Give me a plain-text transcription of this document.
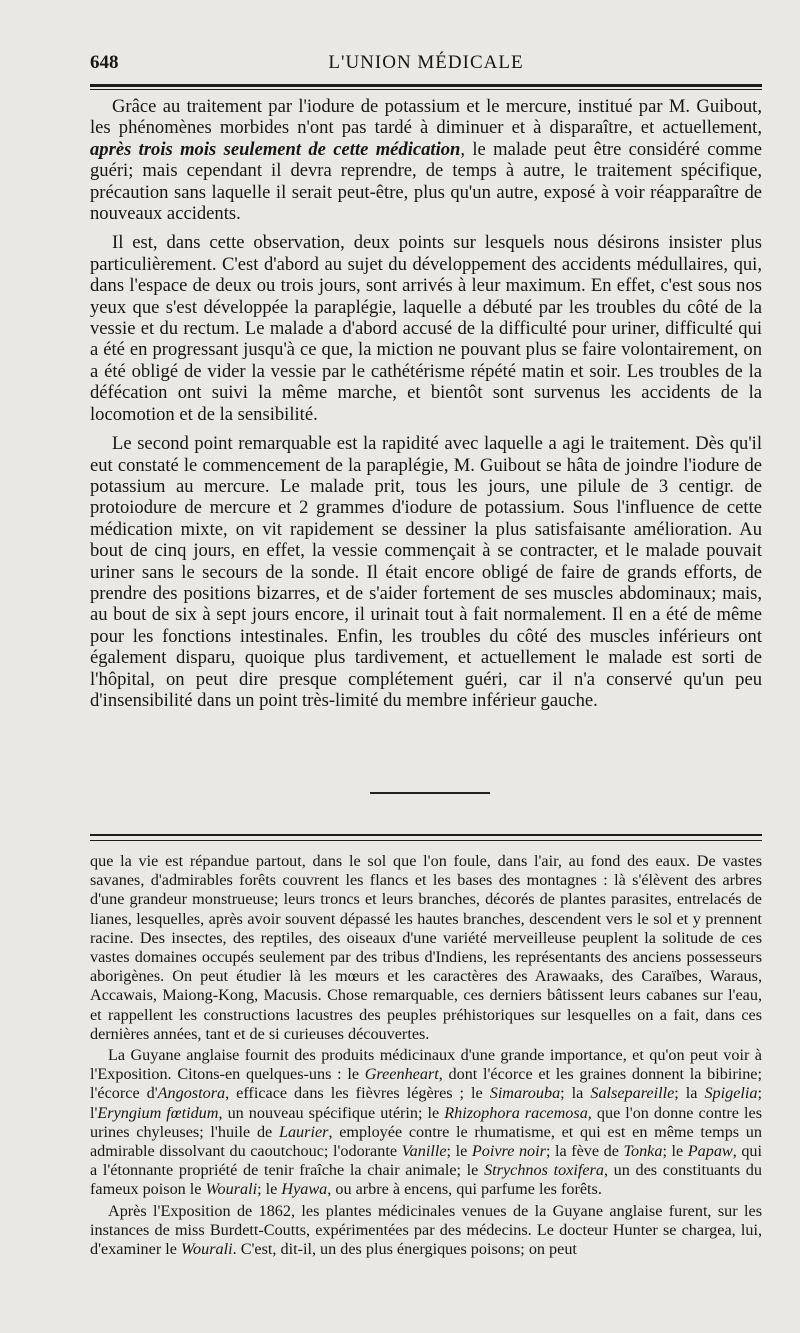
648	L'UNION MÉDICALE

Grâce au traitement par l'iodure de potassium et le mercure, institué par M. Guibout, les phénomènes morbides n'ont pas tardé à diminuer et à disparaître, et actuellement, après trois mois seulement de cette médication, le malade peut être considéré comme guéri; mais cependant il devra reprendre, de temps à autre, le traitement spécifique, précaution sans laquelle il serait peut-être, plus qu'un autre, exposé à voir réapparaître de nouveaux accidents.

Il est, dans cette observation, deux points sur lesquels nous désirons insister plus particulièrement. C'est d'abord au sujet du développement des accidents médullaires, qui, dans l'espace de deux ou trois jours, sont arrivés à leur maximum. En effet, c'est sous nos yeux que s'est développée la paraplégie, laquelle a débuté par les troubles du côté de la vessie et du rectum. Le malade a d'abord accusé de la difficulté pour uriner, difficulté qui a été en progressant jusqu'à ce que, la miction ne pouvant plus se faire volontairement, on a été obligé de vider la vessie par le cathétérisme répété matin et soir. Les troubles de la défécation ont suivi la même marche, et bientôt sont survenus les accidents de la locomotion et de la sensibilité.

Le second point remarquable est la rapidité avec laquelle a agi le traitement. Dès qu'il eut constaté le commencement de la paraplégie, M. Guibout se hâta de joindre l'iodure de potassium au mercure. Le malade prit, tous les jours, une pilule de 3 centigr. de protoiodure de mercure et 2 grammes d'iodure de potassium. Sous l'influence de cette médication mixte, on vit rapidement se dessiner la plus satisfaisante amélioration. Au bout de cinq jours, en effet, la vessie commençait à se contracter, et le malade pouvait uriner sans le secours de la sonde. Il était encore obligé de faire de grands efforts, de prendre des positions bizarres, et de s'aider fortement de ses muscles abdominaux; mais, au bout de six à sept jours encore, il urinait tout à fait normalement. Il en a été de même pour les fonctions intestinales. Enfin, les troubles du côté des muscles inférieurs ont également disparu, quoique plus tardivement, et actuellement le malade est sorti de l'hôpital, on peut dire presque complétement guéri, car il n'a conservé qu'un peu d'insensibilité dans un point très-limité du membre inférieur gauche.

que la vie est répandue partout, dans le sol que l'on foule, dans l'air, au fond des eaux. De vastes savanes, d'admirables forêts couvrent les flancs et les bases des montagnes : là s'élèvent des arbres d'une grandeur monstrueuse; leurs troncs et leurs branches, décorés de plantes parasites, entrelacés de lianes, lesquelles, après avoir souvent dépassé les hautes branches, descendent vers le sol et y prennent racine. Des insectes, des reptiles, des oiseaux d'une variété merveilleuse peuplent la solitude de ces vastes domaines occupés seulement par des tribus d'Indiens, les représentants des anciens possesseurs aborigènes. On peut étudier là les mœurs et les caractères des Arawaaks, des Caraïbes, Waraus, Accawais, Maiong-Kong, Macusis. Chose remarquable, ces derniers bâtissent leurs cabanes sur l'eau, et rappellent les constructions lacustres des peuples préhistoriques sur lesquelles on a fait, dans ces dernières années, tant et de si curieuses découvertes.

La Guyane anglaise fournit des produits médicinaux d'une grande importance, et qu'on peut voir à l'Exposition. Citons-en quelques-uns : le Greenheart, dont l'écorce et les graines donnent la bibirine; l'écorce d'Angostora, efficace dans les fièvres légères ; le Simarouba; la Salsepareille; la Spigelia; l'Eryngium fœtidum, un nouveau spécifique utérin; le Rhizophora racemosa, que l'on donne contre les urines chyleuses; l'huile de Laurier, employée contre le rhumatisme, et qui est en même temps un admirable dissolvant du caoutchouc; l'odorante Vanille; le Poivre noir; la fève de Tonka; le Papaw, qui a l'étonnante propriété de tenir fraîche la chair animale; le Strychnos toxifera, un des constituants du fameux poison le Wourali; le Hyawa, ou arbre à encens, qui parfume les forêts.

Après l'Exposition de 1862, les plantes médicinales venues de la Guyane anglaise furent, sur les instances de miss Burdett-Coutts, expérimentées par des médecins. Le docteur Hunter se chargea, lui, d'examiner le Wourali. C'est, dit-il, un des plus énergiques poisons; on peut
